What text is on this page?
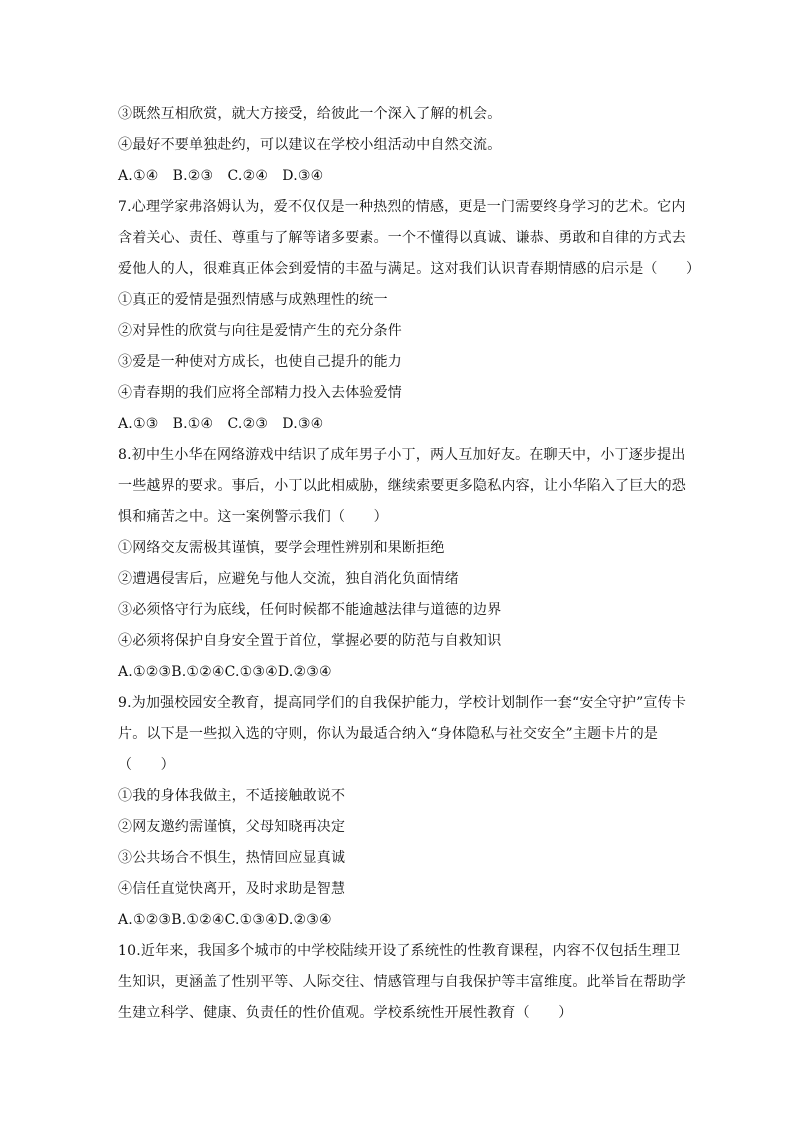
③既然互相欣赏，就大方接受，给彼此一个深入了解的机会。
④最好不要单独赴约，可以建议在学校小组活动中自然交流。
A.①④　B.②③　C.②④　D.③④
7.心理学家弗洛姆认为，爱不仅仅是一种热烈的情感，更是一门需要终身学习的艺术。它内
含着关心、责任、尊重与了解等诸多要素。一个不懂得以真诚、谦恭、勇敢和自律的方式去
爱他人的人，很难真正体会到爱情的丰盈与满足。这对我们认识青春期情感的启示是（　　）
①真正的爱情是强烈情感与成熟理性的统一
②对异性的欣赏与向往是爱情产生的充分条件
③爱是一种使对方成长，也使自己提升的能力
④青春期的我们应将全部精力投入去体验爱情
A.①③　B.①④　C.②③　D.③④
8.初中生小华在网络游戏中结识了成年男子小丁，两人互加好友。在聊天中，小丁逐步提出
一些越界的要求。事后，小丁以此相威胁，继续索要更多隐私内容，让小华陷入了巨大的恐
惧和痛苦之中。这一案例警示我们（　　）
①网络交友需极其谨慎，要学会理性辨别和果断拒绝
②遭遇侵害后，应避免与他人交流，独自消化负面情绪
③必须恪守行为底线，任何时候都不能逾越法律与道德的边界
④必须将保护自身安全置于首位，掌握必要的防范与自救知识
A.①②③B.①②④C.①③④D.②③④
9.为加强校园安全教育，提高同学们的自我保护能力，学校计划制作一套“安全守护”宣传卡
片。以下是一些拟入选的守则，你认为最适合纳入“身体隐私与社交安全”主题卡片的是
（　　）
①我的身体我做主，不适接触敢说不
②网友邀约需谨慎，父母知晓再决定
③公共场合不惧生，热情回应显真诚
④信任直觉快离开，及时求助是智慧
A.①②③B.①②④C.①③④D.②③④
10.近年来，我国多个城市的中学校陆续开设了系统性的性教育课程，内容不仅包括生理卫
生知识，更涵盖了性别平等、人际交往、情感管理与自我保护等丰富维度。此举旨在帮助学
生建立科学、健康、负责任的性价值观。学校系统性开展性教育（　　）
